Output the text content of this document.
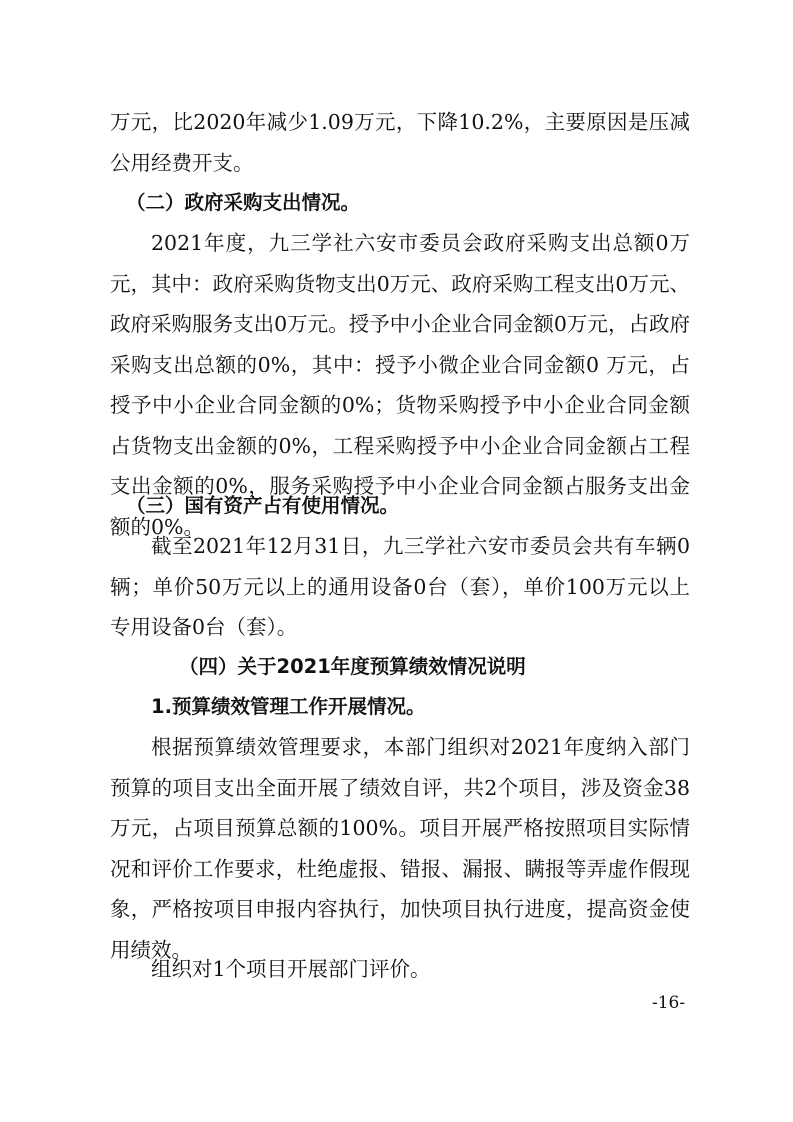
万元，比2020年减少1.09万元，下降10.2%，主要原因是压减公用经费开支。

（二）政府采购支出情况。

2021年度，九三学社六安市委员会政府采购支出总额0万元，其中：政府采购货物支出0万元、政府采购工程支出0万元、政府采购服务支出0万元。授予中小企业合同金额0万元，占政府采购支出总额的0%，其中：授予小微企业合同金额0 万元，占授予中小企业合同金额的0%；货物采购授予中小企业合同金额占货物支出金额的0%，工程采购授予中小企业合同金额占工程支出金额的0%，服务采购授予中小企业合同金额占服务支出金额的0%。

（三）国有资产占有使用情况。

截至2021年12月31日，九三学社六安市委员会共有车辆0辆；单价50万元以上的通用设备0台（套），单价100万元以上专用设备0台（套）。

（四）关于2021年度预算绩效情况说明

1.预算绩效管理工作开展情况。

根据预算绩效管理要求，本部门组织对2021年度纳入部门预算的项目支出全面开展了绩效自评，共2个项目，涉及资金38万元，占项目预算总额的100%。项目开展严格按照项目实际情况和评价工作要求，杜绝虚报、错报、漏报、瞒报等弄虚作假现象，严格按项目申报内容执行，加快项目执行进度，提高资金使用绩效。

组织对1个项目开展部门评价。

-16-
